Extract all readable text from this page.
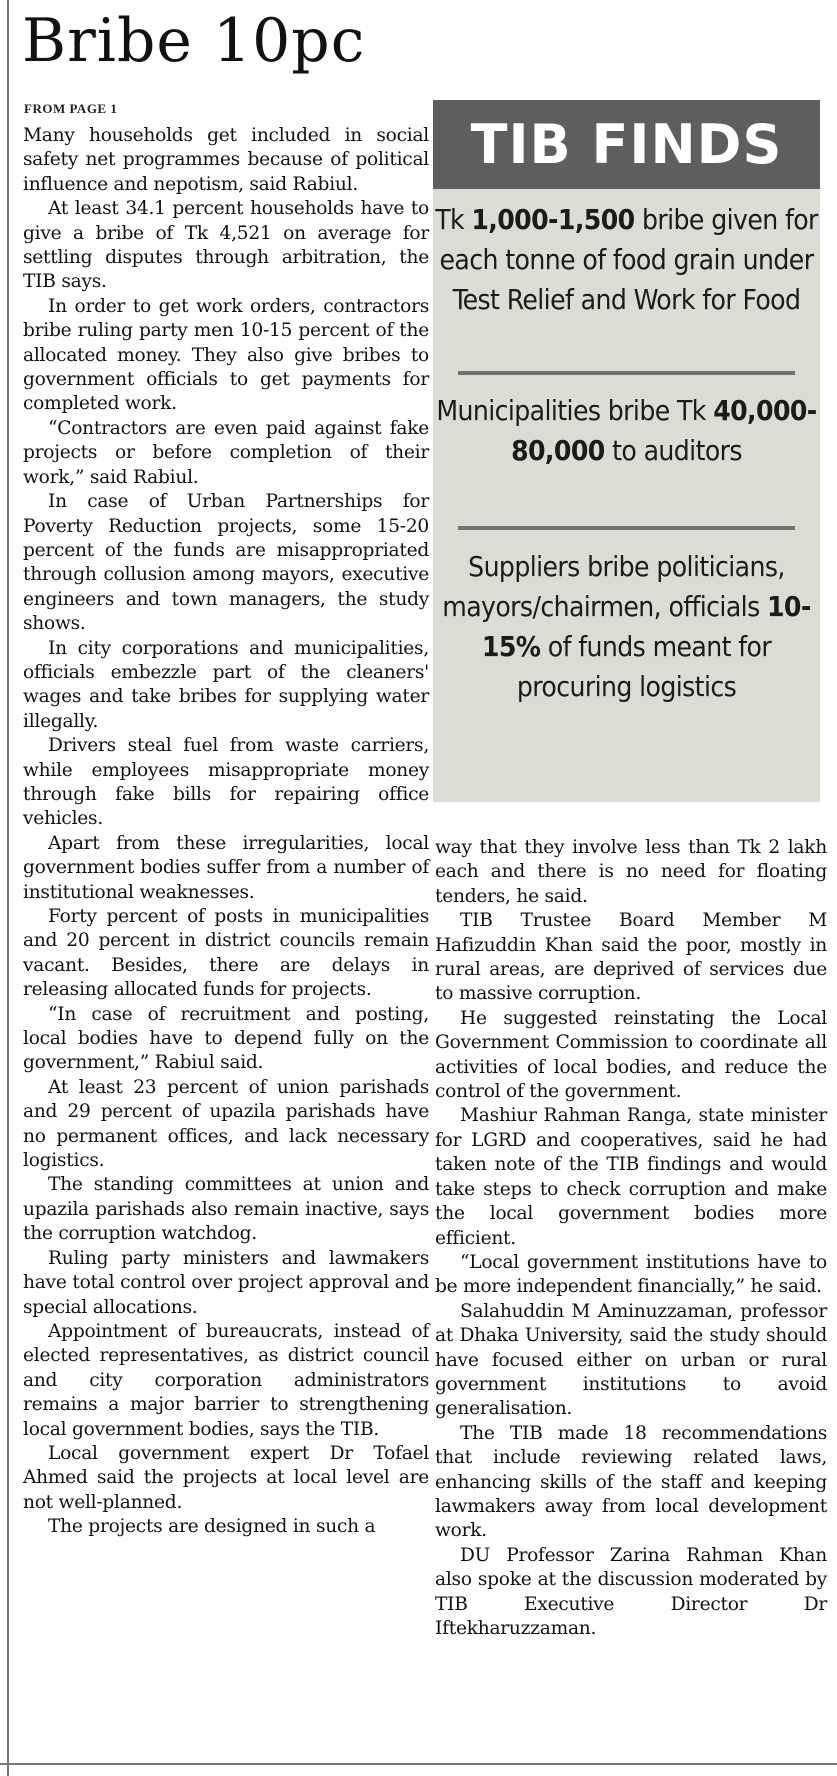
Bribe 10pc
FROM PAGE 1

Many households get included in social safety net programmes because of political influence and nepotism, said Rabiul.

At least 34.1 percent households have to give a bribe of Tk 4,521 on average for settling disputes through arbitration, the TIB says.

In order to get work orders, contractors bribe ruling party men 10-15 percent of the allocated money. They also give bribes to government officials to get payments for completed work.

“Contractors are even paid against fake projects or before completion of their work,” said Rabiul.

In case of Urban Partnerships for Poverty Reduction projects, some 15-20 percent of the funds are misappropriated through collusion among mayors, executive engineers and town managers, the study shows.

In city corporations and municipalities, officials embezzle part of the cleaners' wages and take bribes for supplying water illegally.

Drivers steal fuel from waste carriers, while employees misappropriate money through fake bills for repairing office vehicles.

Apart from these irregularities, local government bodies suffer from a number of institutional weaknesses.

Forty percent of posts in municipalities and 20 percent in district councils remain vacant. Besides, there are delays in releasing allocated funds for projects.

“In case of recruitment and posting, local bodies have to depend fully on the government,” Rabiul said.

At least 23 percent of union parishads and 29 percent of upazila parishads have no permanent offices, and lack necessary logistics.

The standing committees at union and upazila parishads also remain inactive, says the corruption watchdog.

Ruling party ministers and lawmakers have total control over project approval and special allocations.

Appointment of bureaucrats, instead of elected representatives, as district council and city corporation administrators remains a major barrier to strengthening local government bodies, says the TIB.

Local government expert Dr Tofael Ahmed said the projects at local level are not well-planned.

The projects are designed in such a

TIB FINDS
Tk 1,000-1,500 bribe given for each tonne of food grain under Test Relief and Work for Food
Municipalities bribe Tk 40,000-80,000 to auditors
Suppliers bribe politicians, mayors/chairmen, officials 10-15% of funds meant for procuring logistics

way that they involve less than Tk 2 lakh each and there is no need for floating tenders, he said.

TIB Trustee Board Member M Hafizuddin Khan said the poor, mostly in rural areas, are deprived of services due to massive corruption.

He suggested reinstating the Local Government Commission to coordinate all activities of local bodies, and reduce the control of the government.

Mashiur Rahman Ranga, state minister for LGRD and cooperatives, said he had taken note of the TIB findings and would take steps to check corruption and make the local government bodies more efficient.

“Local government institutions have to be more independent financially,” he said.

Salahuddin M Aminuzzaman, professor at Dhaka University, said the study should have focused either on urban or rural government institutions to avoid generalisation.

The TIB made 18 recommendations that include reviewing related laws, enhancing skills of the staff and keeping lawmakers away from local development work.

DU Professor Zarina Rahman Khan also spoke at the discussion moderated by TIB Executive Director Dr Iftekharuzzaman.
